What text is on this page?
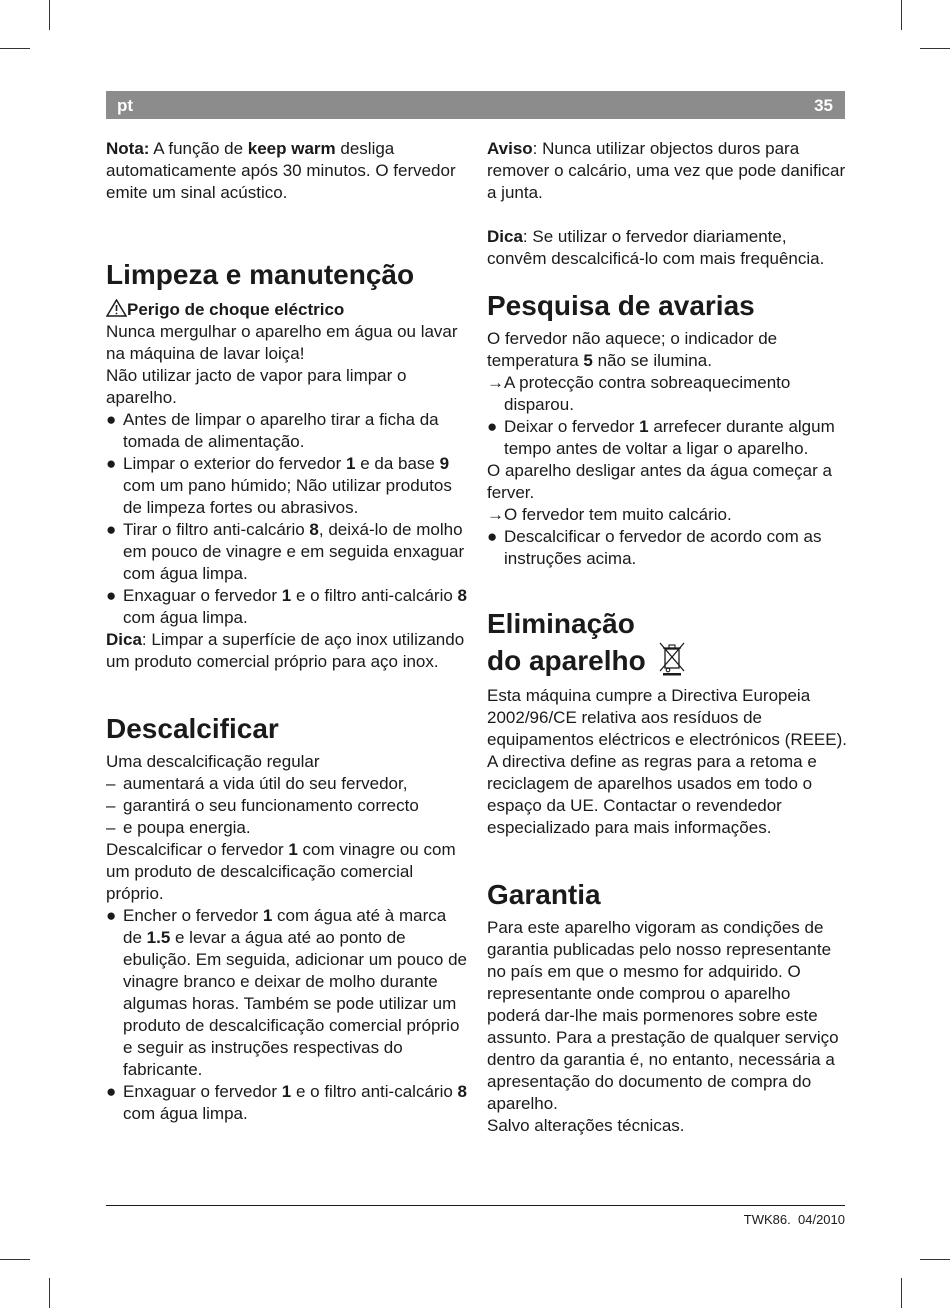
pt	35

Nota: A função de keep warm desliga automaticamente após 30 minutos. O fervedor emite um sinal acústico.

Limpeza e manutenção

Perigo de choque eléctrico

Nunca mergulhar o aparelho em água ou lavar na máquina de lavar loiça!

Não utilizar jacto de vapor para limpar o aparelho.

● Antes de limpar o aparelho tirar a ficha da tomada de alimentação.
● Limpar o exterior do fervedor 1 e da base 9 com um pano húmido; Não utilizar produtos de limpeza fortes ou abrasivos.
● Tirar o filtro anti-calcário 8, deixá-lo de molho em pouco de vinagre e em seguida enxaguar com água limpa.
● Enxaguar o fervedor 1 e o filtro anti-calcário 8 com água limpa.

Dica: Limpar a superfície de aço inox utilizando um produto comercial próprio para aço inox.

Descalcificar

Uma descalcificação regular

– aumentará a vida útil do seu fervedor,
– garantirá o seu funcionamento correcto
– e poupa energia.

Descalcificar o fervedor 1 com vinagre ou com um produto de descalcificação comercial próprio.

● Encher o fervedor 1 com água até à marca de 1.5 e levar a água até ao ponto de ebulição. Em seguida, adicionar um pouco de vinagre branco e deixar de molho durante algumas horas. Também se pode utilizar um produto de descalcificação comercial próprio e seguir as instruções respectivas do fabricante.
● Enxaguar o fervedor 1 e o filtro anti-calcário 8 com água limpa.

Aviso: Nunca utilizar objectos duros para remover o calcário, uma vez que pode danificar a junta.

Dica: Se utilizar o fervedor diariamente, convêm descalcificá-lo com mais frequência.

Pesquisa de avarias

O fervedor não aquece; o indicador de temperatura 5 não se ilumina.

→ A protecção contra sobreaquecimento disparou.
● Deixar o fervedor 1 arrefecer durante algum tempo antes de voltar a ligar o aparelho.

O aparelho desligar antes da água começar a ferver.

→ O fervedor tem muito calcário.
● Descalcificar o fervedor de acordo com as instruções acima.
Eliminação
do aparelho

Esta máquina cumpre a Directiva Europeia 2002/96/CE relativa aos resíduos de equipamentos eléctricos e electrónicos (REEE). A directiva define as regras para a retoma e reciclagem de aparelhos usados em todo o espaço da UE. Contactar o revendedor especializado para mais informações.

Garantia

Para este aparelho vigoram as condições de garantia publicadas pelo nosso representante no país em que o mesmo for adquirido. O representante onde comprou o aparelho poderá dar-lhe mais pormenores sobre este assunto. Para a prestação de qualquer serviço dentro da garantia é, no entanto, necessária a apresentação do documento de compra do aparelho.

Salvo alterações técnicas.

TWK86. 04/2010
